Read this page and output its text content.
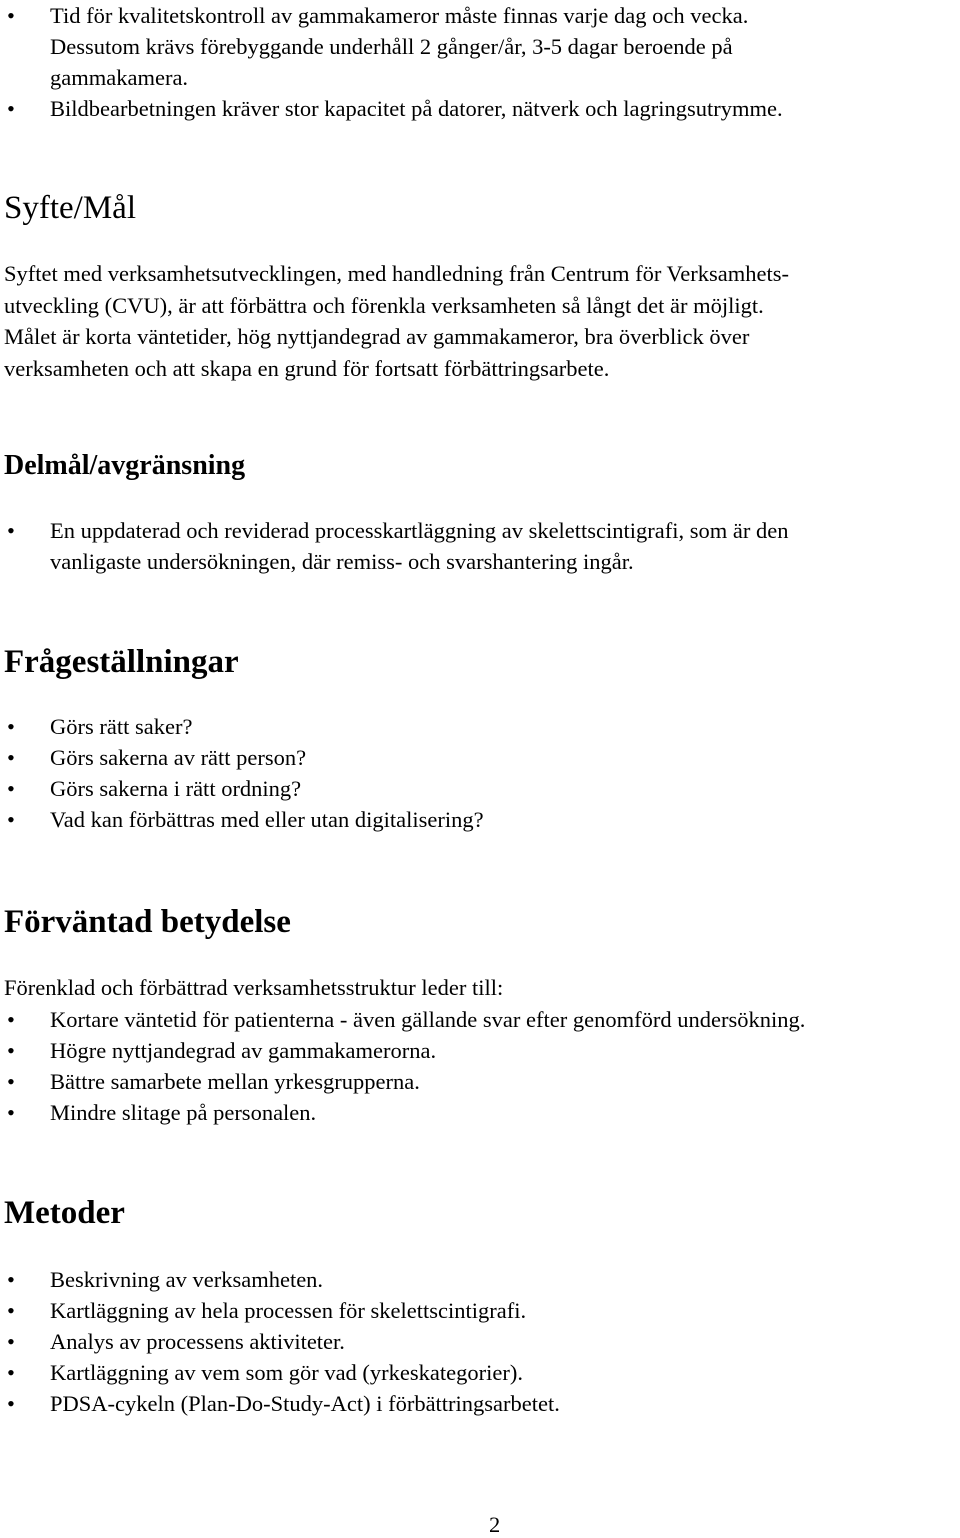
• Tid för kvalitetskontroll av gammakameror måste finnas varje dag och vecka.
Dessutom krävs förebyggande underhåll 2 gånger/år, 3-5 dagar beroende på
gammakamera.
• Bildbearbetningen kräver stor kapacitet på datorer, nätverk och lagringsutrymme.
Syfte/Mål
Syftet med verksamhetsutvecklingen, med handledning från Centrum för Verksamhets-
utveckling (CVU), är att förbättra och förenkla verksamheten så långt det är möjligt.
Målet är korta väntetider, hög nyttjandegrad av gammakameror, bra överblick över
verksamheten och att skapa en grund för fortsatt förbättringsarbete.
Delmål/avgränsning
• En uppdaterad och reviderad processkartläggning av skelettscintigrafi, som är den
vanligaste undersökningen, där remiss- och svarshantering ingår.
Frågeställningar
• Görs rätt saker?
• Görs sakerna av rätt person?
• Görs sakerna i rätt ordning?
• Vad kan förbättras med eller utan digitalisering?
Förväntad betydelse

Förenklad och förbättrad verksamhetsstruktur leder till:

• Kortare väntetid för patienterna - även gällande svar efter genomförd undersökning.
• Högre nyttjandegrad av gammakamerorna.
• Bättre samarbete mellan yrkesgrupperna.
• Mindre slitage på personalen.
Metoder
• Beskrivning av verksamheten.
• Kartläggning av hela processen för skelettscintigrafi.
• Analys av processens aktiviteter.
• Kartläggning av vem som gör vad (yrkeskategorier).
• PDSA-cykeln (Plan-Do-Study-Act) i förbättringsarbetet.
2
